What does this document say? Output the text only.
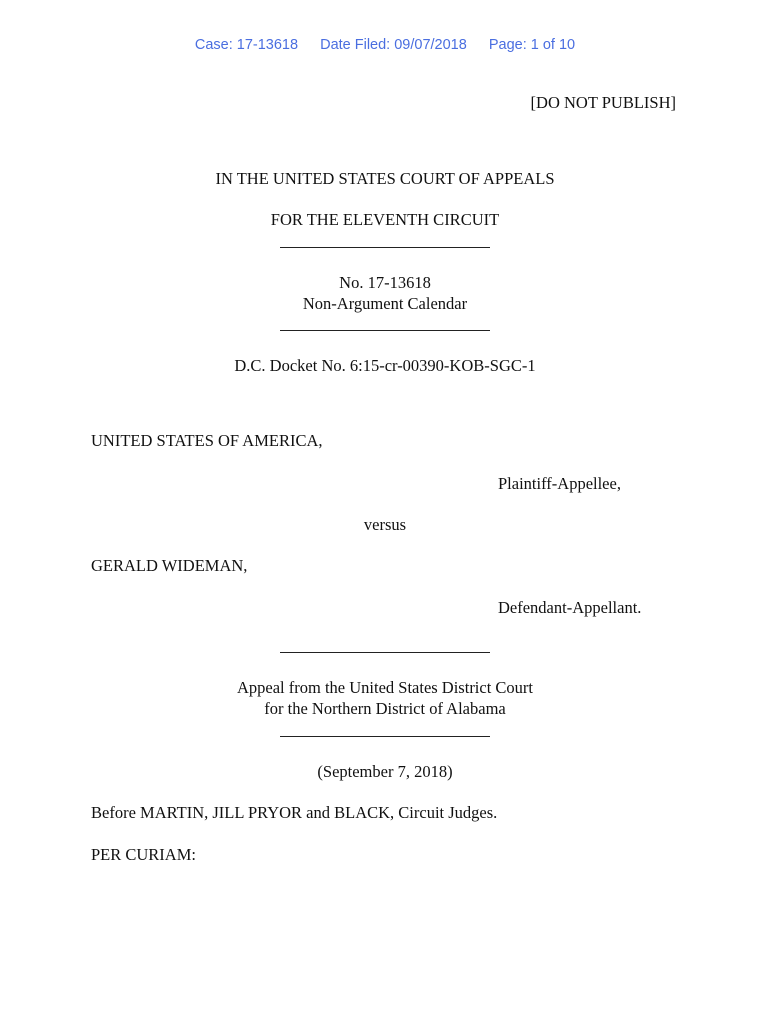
Case: 17-13618 Date Filed: 09/07/2018 Page: 1 of 10
[DO NOT PUBLISH]
IN THE UNITED STATES COURT OF APPEALS
FOR THE ELEVENTH CIRCUIT
No. 17-13618
Non-Argument Calendar
D.C. Docket No. 6:15-cr-00390-KOB-SGC-1
UNITED STATES OF AMERICA,
Plaintiff-Appellee,
versus
GERALD WIDEMAN,
Defendant-Appellant.
Appeal from the United States District Court
for the Northern District of Alabama
(September 7, 2018)
Before MARTIN, JILL PRYOR and BLACK, Circuit Judges.
PER CURIAM:
